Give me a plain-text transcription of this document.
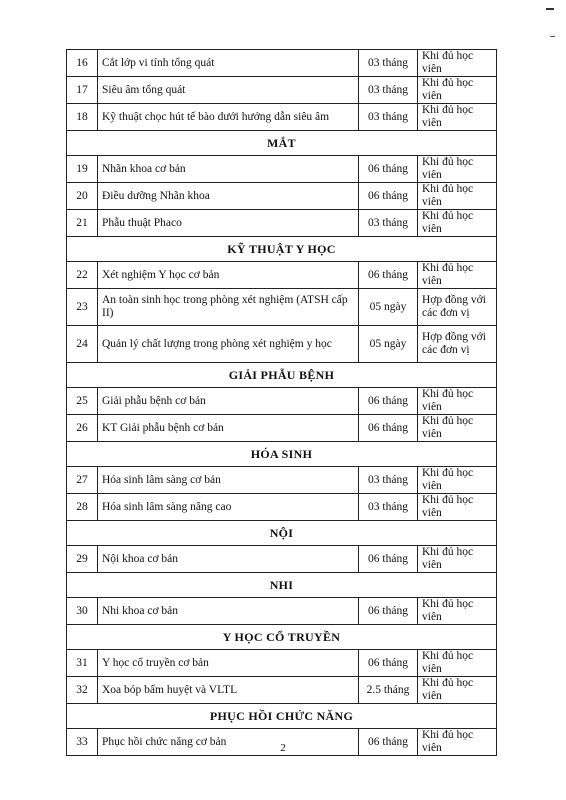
16	Cắt lớp vi tính tổng quát	03 tháng	Khi đủ học viên
17	Siêu âm tổng quát	03 tháng	Khi đủ học viên
18	Kỹ thuật chọc hút tế bào dưới hướng dẫn siêu âm	03 tháng	Khi đủ học viên
MẮT			
19	Nhãn khoa cơ bản	06 tháng	Khi đủ học viên
20	Điều dưỡng Nhãn khoa	06 tháng	Khi đủ học viên
21	Phẫu thuật Phaco	03 tháng	Khi đủ học viên
KỸ THUẬT Y HỌC			
22	Xét nghiệm Y học cơ bản	06 tháng	Khi đủ học viên
23	An toàn sinh học trong phòng xét nghiệm (ATSH cấp II)	05 ngày	Hợp đồng với các đơn vị
24	Quản lý chất lượng trong phòng xét nghiệm y học	05 ngày	Hợp đồng với các đơn vị
GIẢI PHẪU BỆNH			
25	Giải phẫu bệnh cơ bản	06 tháng	Khi đủ học viên
26	KT Giải phẫu bệnh cơ bản	06 tháng	Khi đủ học viên
HÓA SINH			
27	Hóa sinh lâm sàng cơ bản	03 tháng	Khi đủ học viên
28	Hóa sinh lâm sàng nâng cao	03 tháng	Khi đủ học viên
NỘI			
29	Nội khoa cơ bản	06 tháng	Khi đủ học viên
NHI			
30	Nhi khoa cơ bản	06 tháng	Khi đủ học viên
Y HỌC CỔ TRUYỀN			
31	Y học cổ truyền cơ bản	06 tháng	Khi đủ học viên
32	Xoa bóp bấm huyệt và VLTL	2.5 tháng	Khi đủ học viên
PHỤC HỒI CHỨC NĂNG			
33	Phục hồi chức năng cơ bản	06 tháng	Khi đủ học viên
2
